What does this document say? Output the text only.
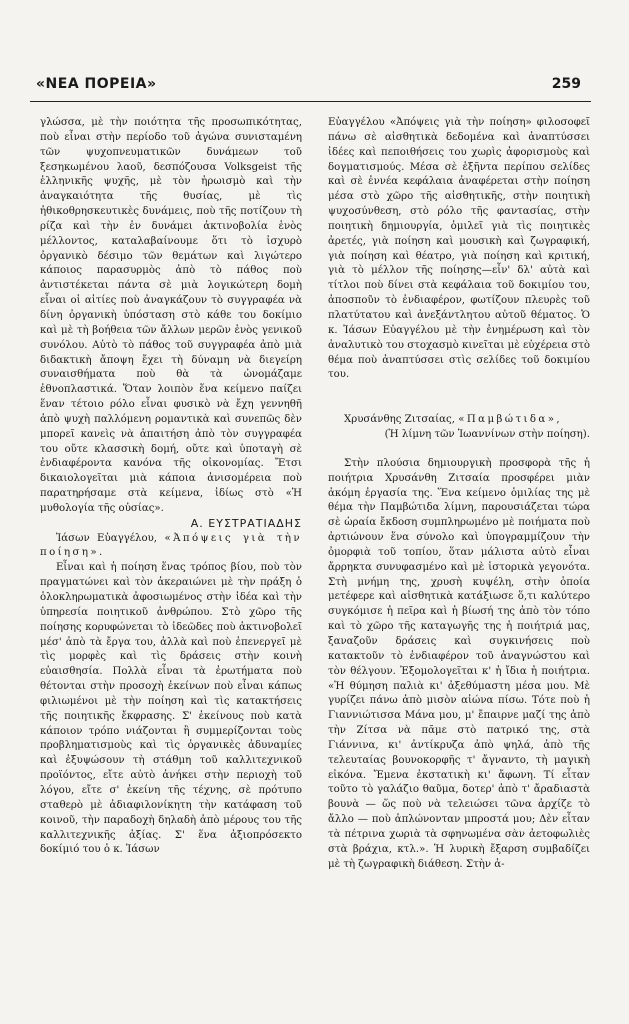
«ΝΕΑ ΠΟΡΕΙΑ»	259

γλώσσα, μὲ τὴν ποιότητα τῆς προσωπικότητας, ποὺ εἶναι στὴν περίοδο τοῦ ἀγώνα συνισταμένη τῶν ψυχοπνευματικῶν δυνάμεων τοῦ ξεσηκωμένου λαοῦ, δεσπόζουσα Volksgeist τῆς ἑλληνικῆς ψυχῆς, μὲ τὸν ἡρωισμὸ καὶ τὴν ἀναγκαιότητα τῆς θυσίας, μὲ τὶς ἠθικοθρησκευτικὲς δυνάμεις, ποὺ τῆς ποτίζουν τὴ ρίζα καὶ τὴν ἐν δυνάμει ἀκτινοβολία ἑνὸς μέλλοντος, καταλαβαίνουμε ὅτι τὸ ἰσχυρὸ ὀργανικὸ δέσιμο τῶν θεμάτων καὶ λιγώτερο κάποιος παρασυρμὸς ἀπὸ τὸ πάθος ποὺ ἀντιστέκεται πάντα σὲ μιὰ λογικώτερη δομὴ εἶναι οἱ αἰτίες ποὺ ἀναγκάζουν τὸ συγγραφέα νὰ δίνη ὀργανικὴ ὑπόσταση στὸ κάθε του δοκίμιο καὶ μὲ τὴ βοήθεια τῶν ἄλλων μερῶν ἑνὸς γενικοῦ συνόλου. Αὐτὸ τὸ πάθος τοῦ συγγραφέα ἀπὸ μιὰ διδακτικὴ ἄποψη ἔχει τὴ δύναμη νὰ διεγείρη συναισθήματα ποὺ θὰ τὰ ὠνομάζαμε ἐθνοπλαστικά. Ὅταν λοιπὸν ἕνα κείμενο παίζει ἕναν τέτοιο ρόλο εἶναι φυσικὸ νὰ ἔχη γεννηθῆ ἀπὸ ψυχὴ παλλόμενη ρομαντικὰ καὶ συνεπῶς δὲν μπορεῖ κανεὶς νὰ ἀπαιτήση ἀπὸ τὸν συγγραφέα του οὔτε κλασσικὴ δομή, οὔτε καὶ ὑποταγὴ σὲ ἐνδιαφέροντα κανόνα τῆς οἰκονομίας. Ἔτσι δικαιολογεῖται μιὰ κάποια ἀνισομέρεια ποὺ παρατηρήσαμε στὰ κείμενα, ἰδίως στὸ «Ἡ μυθολογία τῆς οὐσίας».

Α. ΕΥΣΤΡΑΤΙΑΔΗΣ

Ἰάσων Εὐαγγέλου, «Ἀπόψεις γιὰ τὴν ποίηση».

Εἶναι καὶ ἡ ποίηση ἕνας τρόπος βίου, ποὺ τὸν πραγματώνει καὶ τὸν ἀκεραιώνει μὲ τὴν πράξη ὁ ὁλοκληρωματικὰ ἀφοσιωμένος στὴν ἰδέα καὶ τὴν ὑπηρεσία ποιητικοῦ ἀνθρώπου. Στὸ χῶρο τῆς ποίησης κορυφώνεται τὸ ἰδεῶδες ποὺ ἀκτινοβολεῖ μέσ' ἀπὸ τὰ ἔργα του, ἀλλὰ καὶ ποὺ ἐπενεργεῖ μὲ τὶς μορφὲς καὶ τὶς δράσεις στὴν κοινὴ εὐαισθησία. Πολλὰ εἶναι τὰ ἐρωτήματα ποὺ θέτονται στὴν προσοχὴ ἐκείνων ποὺ εἶναι κάπως φιλιωμένοι μὲ τὴν ποίηση καὶ τὶς κατακτήσεις τῆς ποιητικῆς ἔκφρασης. Σ' ἐκείνους ποὺ κατὰ κάποιον τρόπο νιάζονται ἢ συμμερίζονται τοὺς προβληματισμοὺς καὶ τὶς ὀργανικὲς ἀδυναμίες καὶ ἐξυψώσουν τὴ στάθμη τοῦ καλλιτεχνικοῦ προϊόντος, εἴτε αὐτὸ ἀνήκει στὴν περιοχὴ τοῦ λόγου, εἴτε σ' ἐκείνη τῆς τέχνης, σὲ πρότυπο σταθερὸ μὲ ἀδιαφιλονίκητη τὴν κατάφαση τοῦ κοινοῦ, τὴν παραδοχὴ δηλαδὴ ἀπὸ μέρους του τῆς καλλιτεχνικῆς ἀξίας. Σ' ἕνα ἀξιοπρόσεκτο δοκίμιό του ὁ κ. Ἰάσων

Εὐαγγέλου «Ἀπόψεις γιὰ τὴν ποίηση» φιλοσοφεῖ πάνω σὲ αἰσθητικὰ δεδομένα καὶ ἀναπτύσσει ἰδέες καὶ πεποιθήσεις του χωρὶς ἀφορισμοὺς καὶ δογματισμούς. Μέσα σὲ ἑξῆντα περίπου σελίδες καὶ σὲ ἐννέα κεφάλαια ἀναφέρεται στὴν ποίηση μέσα στὸ χῶρο τῆς αἰσθητικῆς, στὴν ποιητικὴ ψυχοσύνθεση, στὸ ρόλο τῆς φαντασίας, στὴν ποιητικὴ δημιουργία, ὁμιλεῖ γιὰ τὶς ποιητικὲς ἀρετές, γιὰ ποίηση καὶ μουσικὴ καὶ ζωγραφική, γιὰ ποίηση καὶ θέατρο, γιὰ ποίηση καὶ κριτική, γιὰ τὸ μέλλον τῆς ποίησης—εἶν' δλ' αὐτὰ καὶ τίτλοι ποὺ δίνει στὰ κεφάλαια τοῦ δοκιμίου του, ἀποσποῦν τὸ ἐνδιαφέρον, φωτίζουν πλευρὲς τοῦ πλατύτατου καὶ ἀνεξάντλητου αὐτοῦ θέματος. Ὁ κ. Ἰάσων Εὐαγγέλου μὲ τὴν ἐνημέρωση καὶ τὸν ἀναλυτικὸ του στοχασμὸ κινεῖται μὲ εὐχέρεια στὸ θέμα ποὺ ἀναπτύσσει στὶς σελίδες τοῦ δοκιμίου του.

Χρυσάνθης Ζιτσαίας, «Παμβώτιδα»,

(Ἡ λίμνη τῶν Ἰωαννίνων στὴν ποίηση).

Στὴν πλούσια δημιουργικὴ προσφορὰ τῆς ἡ ποιήτρια Χρυσάνθη Ζιτσαία προσφέρει μιὰν ἀκόμη ἐργασία της. Ἕνα κείμενο ὁμιλίας της μὲ θέμα τὴν Παμβώτιδα λίμνη, παρουσιάζεται τώρα σὲ ὡραία ἔκδοση συμπληρωμένο μὲ ποιήματα ποὺ ἀρτιώνουν ἕνα σύνολο καὶ ὑπογραμμίζουν τὴν ὀμορφιὰ τοῦ τοπίου, ὅταν μάλιστα αὐτὸ εἶναι ἄρρηκτα συνυφασμένο καὶ μὲ ἱστορικὰ γεγονότα. Στὴ μνήμη της, χρυσὴ κυψέλη, στὴν ὁποία μετέφερε καὶ αἰσθητικὰ κατάξιωσε ὅ,τι καλύτερο συγκόμισε ἡ πεῖρα καὶ ἡ βίωσή της ἀπὸ τὸν τόπο καὶ τὸ χῶρο τῆς καταγωγῆς της ἡ ποιήτριά μας, ξαναζοῦν δράσεις καὶ συγκινήσεις ποὺ κατακτοῦν τὸ ἐνδιαφέρον τοῦ ἀναγνώστου καὶ τὸν θέλγουν. Ἐξομολογεῖται κ' ἡ ἴδια ἡ ποιήτρια. «Ἡ θύμηση παλιὰ κι' ἀξεθύμαστη μέσα μου. Μὲ γυρίζει πάνω ἀπὸ μισὸν αἰώνα πίσω. Τότε ποὺ ἡ Γιαννιώτισσα Μάνα μου, μ' ἔπαιρνε μαζί της ἀπὸ τὴν Ζίτσα νὰ πᾶμε στὸ πατρικό της, στὰ Γιάννινα, κι' ἀντίκρυζα ἀπὸ ψηλά, ἀπὸ τῆς τελευταίας βουνοκορφῆς τ' ἄγναντο, τὴ μαγικὴ εἰκόνα. Ἔμενα ἐκστατικὴ κι' ἄφωνη. Τί εἶταν τοῦτο τὸ γαλάζιο θαῦμα, δοτερ' ἀπὸ τ' ἄραδιαστὰ βουνὰ — ὥς ποὺ νὰ τελειώσει τῶνα ἀρχίζε τὸ ἄλλο — ποὺ ἀπλώνονταν μπροστά μου; Δὲν εἶταν τὰ πέτρινα χωριὰ τὰ σφηνωμένα σὰν ἀετοφωλιὲς στὰ βράχια, κτλ.». Ἡ λυρικὴ ἔξαρση συμβαδίζει μὲ τὴ ζωγραφικὴ διάθεση. Στὴν ἀ-
